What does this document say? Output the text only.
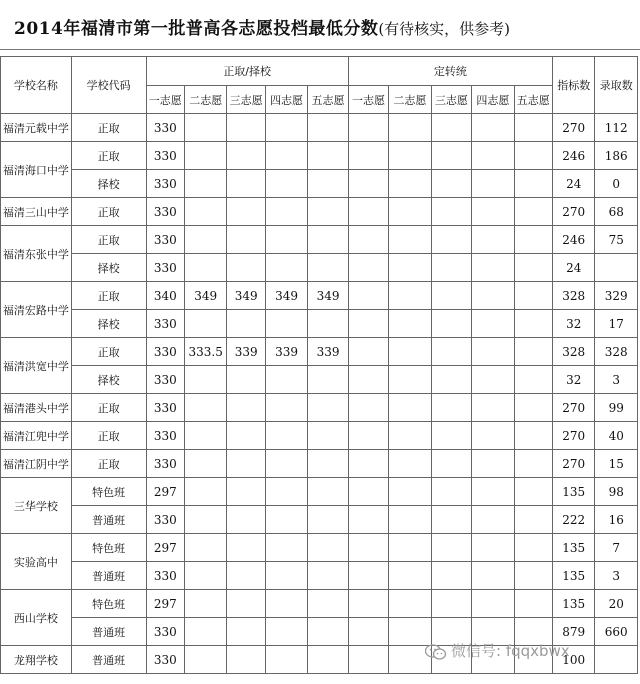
2014年福清市第一批普高各志愿投档最低分数(有待核实，供参考)
学校名称	学校代码	正取/择校					定转统					指标数	录取数
		一志愿	二志愿	三志愿	四志愿	五志愿	一志愿	二志愿	三志愿	四志愿	五志愿		
福清元载中学	正取	330										270	112
福清海口中学	正取	330										246	186
	择校	330										24	0
福清三山中学	正取	330										270	68
福清东张中学	正取	330										246	75
	择校	330										24	
福清宏路中学	正取	340	349	349	349	349						328	329
	择校	330										32	17
福清洪宽中学	正取	330	333.5	339	339	339						328	328
	择校	330										32	3
福清港头中学	正取	330										270	99
福清江兜中学	正取	330										270	40
福清江阴中学	正取	330										270	15
三华学校	特色班	297										135	98
	普通班	330										222	16
实验高中	特色班	297										135	7
	普通班	330										135	3
西山学校	特色班	297										135	20
	普通班	330										879	660
龙翔学校	普通班	330										100	
微信号: fqqxbwx
